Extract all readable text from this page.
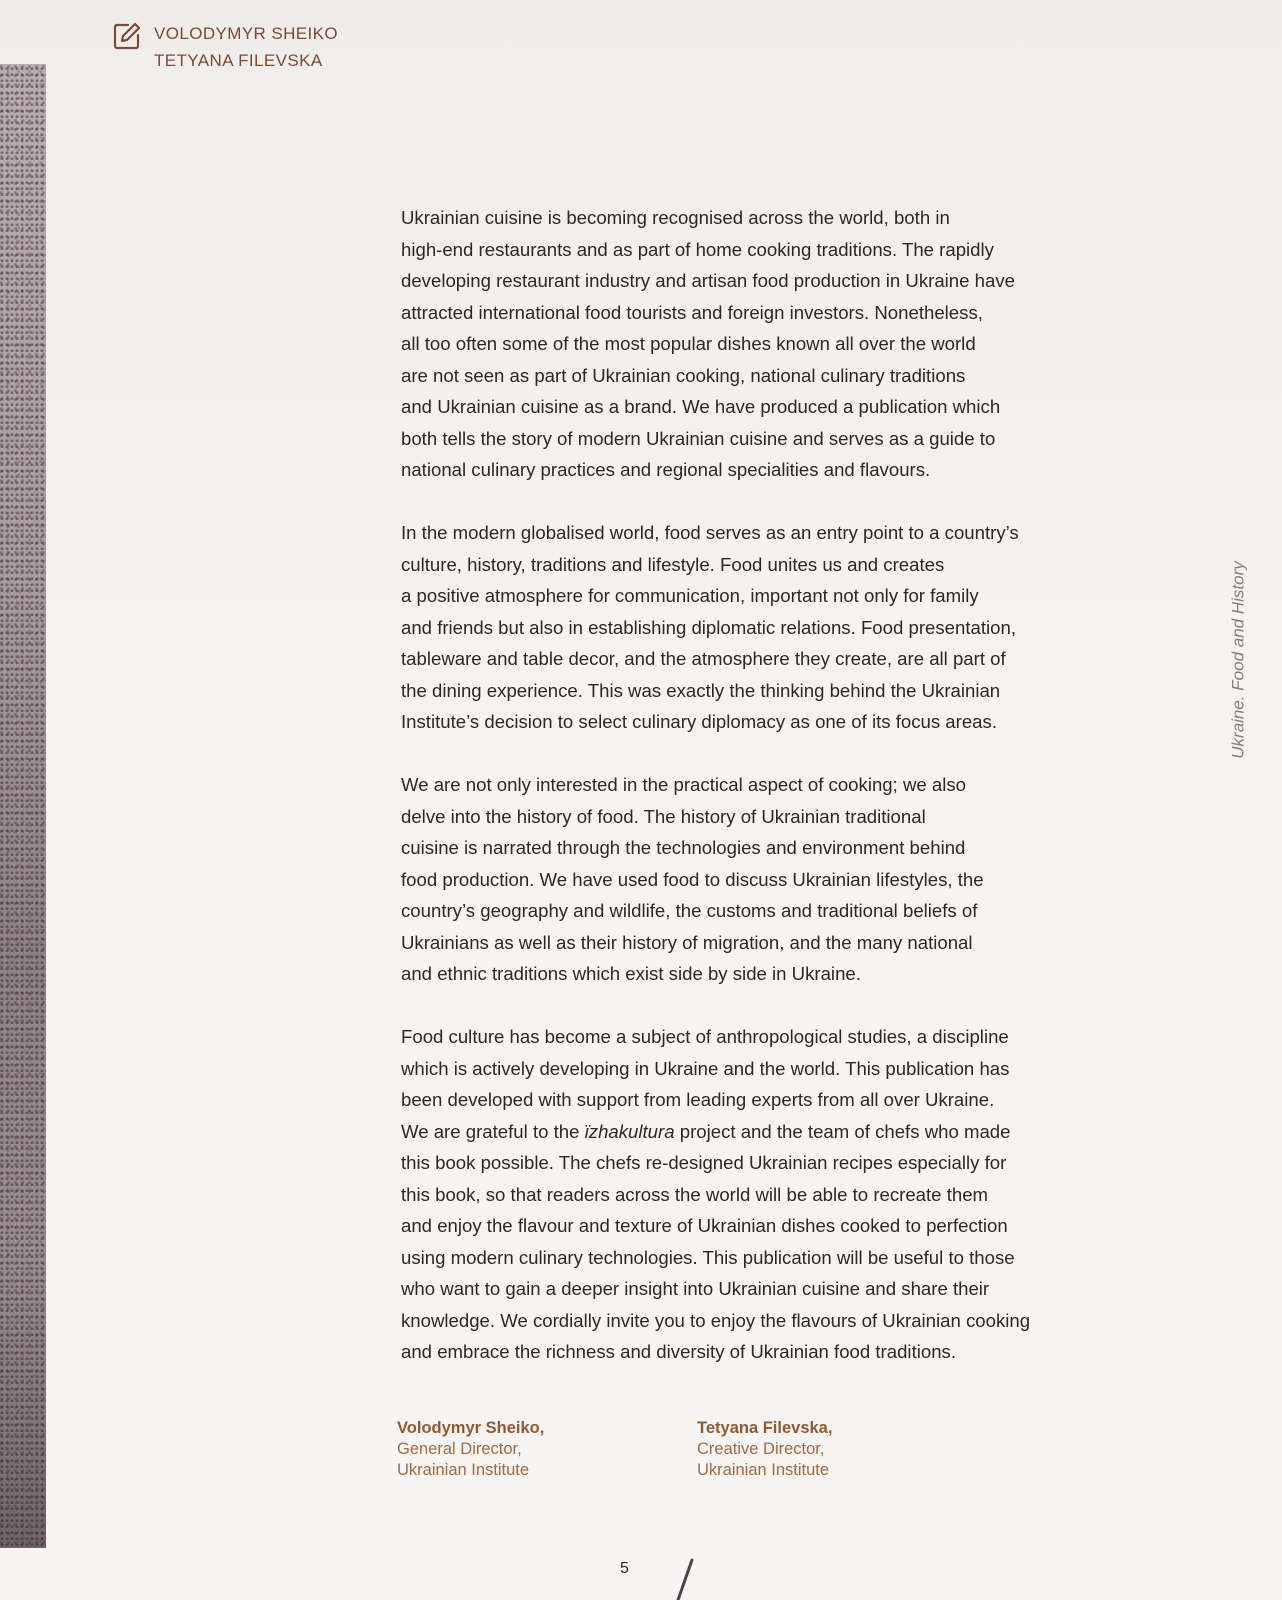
VOLODYMYR SHEIKO
TETYANA FILEVSKA

Ukrainian cuisine is becoming recognised across the world, both in
high-end restaurants and as part of home cooking traditions. The rapidly
developing restaurant industry and artisan food production in Ukraine have
attracted international food tourists and foreign investors. Nonetheless,
all too often some of the most popular dishes known all over the world
are not seen as part of Ukrainian cooking, national culinary traditions
and Ukrainian cuisine as a brand. We have produced a publication which
both tells the story of modern Ukrainian cuisine and serves as a guide to
national culinary practices and regional specialities and flavours.

In the modern globalised world, food serves as an entry point to a country’s
culture, history, traditions and lifestyle. Food unites us and creates
a positive atmosphere for communication, important not only for family
and friends but also in establishing diplomatic relations. Food presentation,
tableware and table decor, and the atmosphere they create, are all part of
the dining experience. This was exactly the thinking behind the Ukrainian
Institute’s decision to select culinary diplomacy as one of its focus areas.

We are not only interested in the practical aspect of cooking; we also
delve into the history of food. The history of Ukrainian traditional
cuisine is narrated through the technologies and environment behind
food production. We have used food to discuss Ukrainian lifestyles, the
country’s geography and wildlife, the customs and traditional beliefs of
Ukrainians as well as their history of migration, and the many national
and ethnic traditions which exist side by side in Ukraine.

Food culture has become a subject of anthropological studies, a discipline
which is actively developing in Ukraine and the world. This publication has
been developed with support from leading experts from all over Ukraine.
We are grateful to the їzhakultura project and the team of chefs who made
this book possible. The chefs re-designed Ukrainian recipes especially for
this book, so that readers across the world will be able to recreate them
and enjoy the flavour and texture of Ukrainian dishes cooked to perfection
using modern culinary technologies. This publication will be useful to those
who want to gain a deeper insight into Ukrainian cuisine and share their
knowledge. We cordially invite you to enjoy the flavours of Ukrainian cooking
and embrace the richness and diversity of Ukrainian food traditions.

Ukraine. Food and History
Volodymyr Sheiko,
General Director,
Ukrainian Institute
Tetyana Filevska,
Creative Director,
Ukrainian Institute
5
